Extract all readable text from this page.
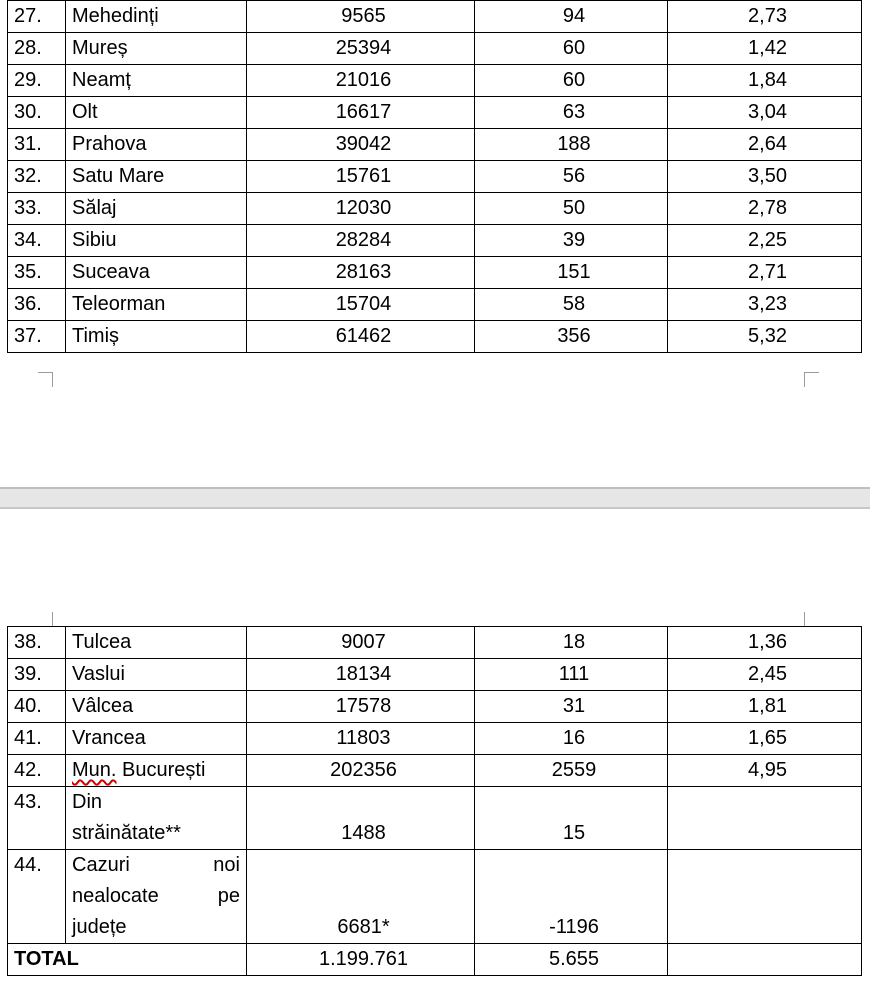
27.	Mehedinți	9565	94	2,73
28.	Mureș	25394	60	1,42
29.	Neamț	21016	60	1,84
30.	Olt	16617	63	3,04
31.	Prahova	39042	188	2,64
32.	Satu Mare	15761	56	3,50
33.	Sălaj	12030	50	2,78
34.	Sibiu	28284	39	2,25
35.	Suceava	28163	151	2,71
36.	Teleorman	15704	58	3,23
37.	Timiș	61462	356	5,32
38.	Tulcea	9007	18	1,36
39.	Vaslui	18134	111	2,45
40.	Vâlcea	17578	31	1,81
41.	Vrancea	11803	16	1,65
42.	Mun. București	202356	2559	4,95
43.	Din
străinătate**	1488	15	
44.	Cazuri noi
nealocate pe
județe	6681*	-1196	
TOTAL		1.199.761	5.655	
